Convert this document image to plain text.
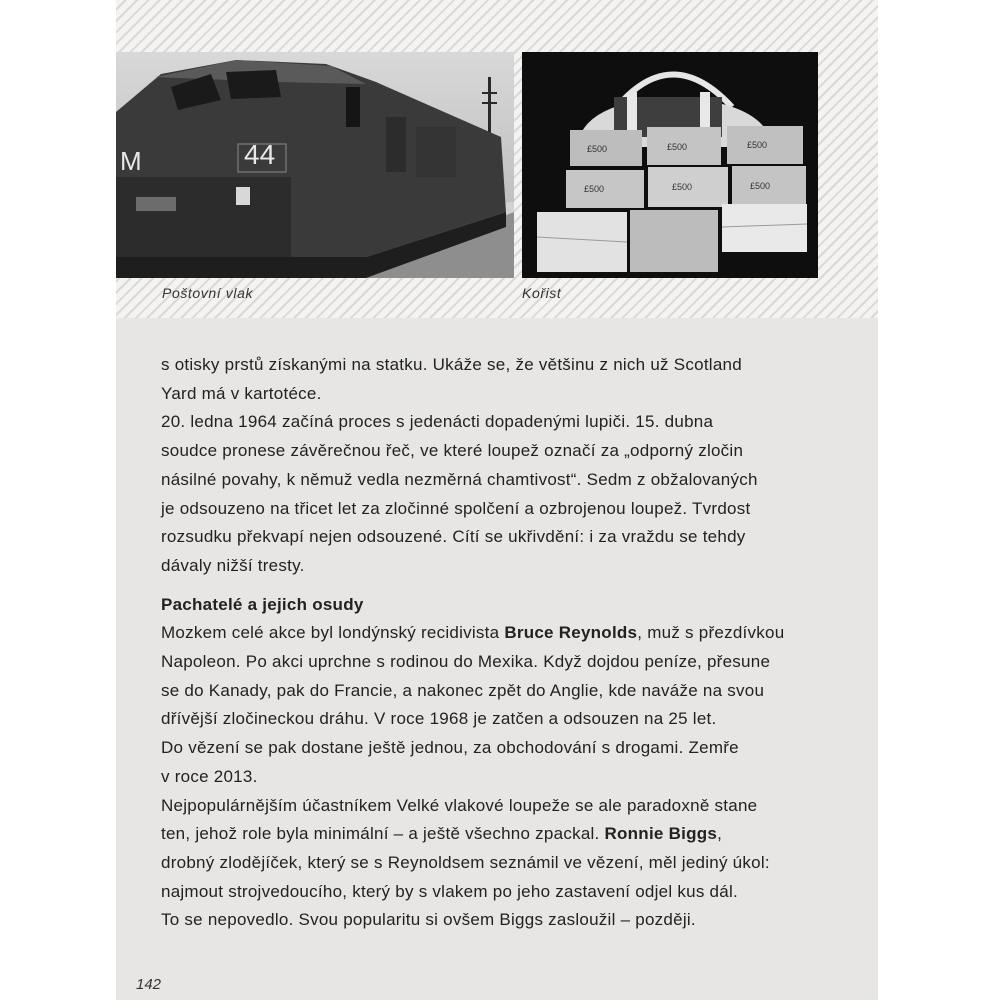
M	44	£500	£500	£500
£500	£500	£500
Poštovní vlak	Kořist
s otisky prstů získanými na statku. Ukáže se, že většinu z nich už Scotland
Yard má v kartotéce.
20. ledna 1964 začíná proces s jedenácti dopadenými lupiči. 15. dubna
soudce pronese závěrečnou řeč, ve které loupež označí za „odporný zločin
násilné povahy, k němuž vedla nezměrná chamtivost“. Sedm z obžalovaných
je odsouzeno na třicet let za zločinné spolčení a ozbrojenou loupež. Tvrdost
rozsudku překvapí nejen odsouzené. Cítí se ukřivdění: i za vraždu se tehdy
dávaly nižší tresty.
Pachatelé a jejich osudy
Mozkem celé akce byl londýnský recidivista Bruce Reynolds, muž s přezdívkou
Napoleon. Po akci uprchne s rodinou do Mexika. Když dojdou peníze, přesune
se do Kanady, pak do Francie, a nakonec zpět do Anglie, kde naváže na svou
dřívější zločineckou dráhu. V roce 1968 je zatčen a odsouzen na 25 let.
Do vězení se pak dostane ještě jednou, za obchodování s drogami. Zemře
v roce 2013.
Nejpopulárnějším účastníkem Velké vlakové loupeže se ale paradoxně stane
ten, jehož role byla minimální – a ještě všechno zpackal. Ronnie Biggs,
drobný zlodějíček, který se s Reynoldsem seznámil ve vězení, měl jediný úkol:
najmout strojvedoucího, který by s vlakem po jeho zastavení odjel kus dál.
To se nepovedlo. Svou popularitu si ovšem Biggs zasloužil – později.
142
